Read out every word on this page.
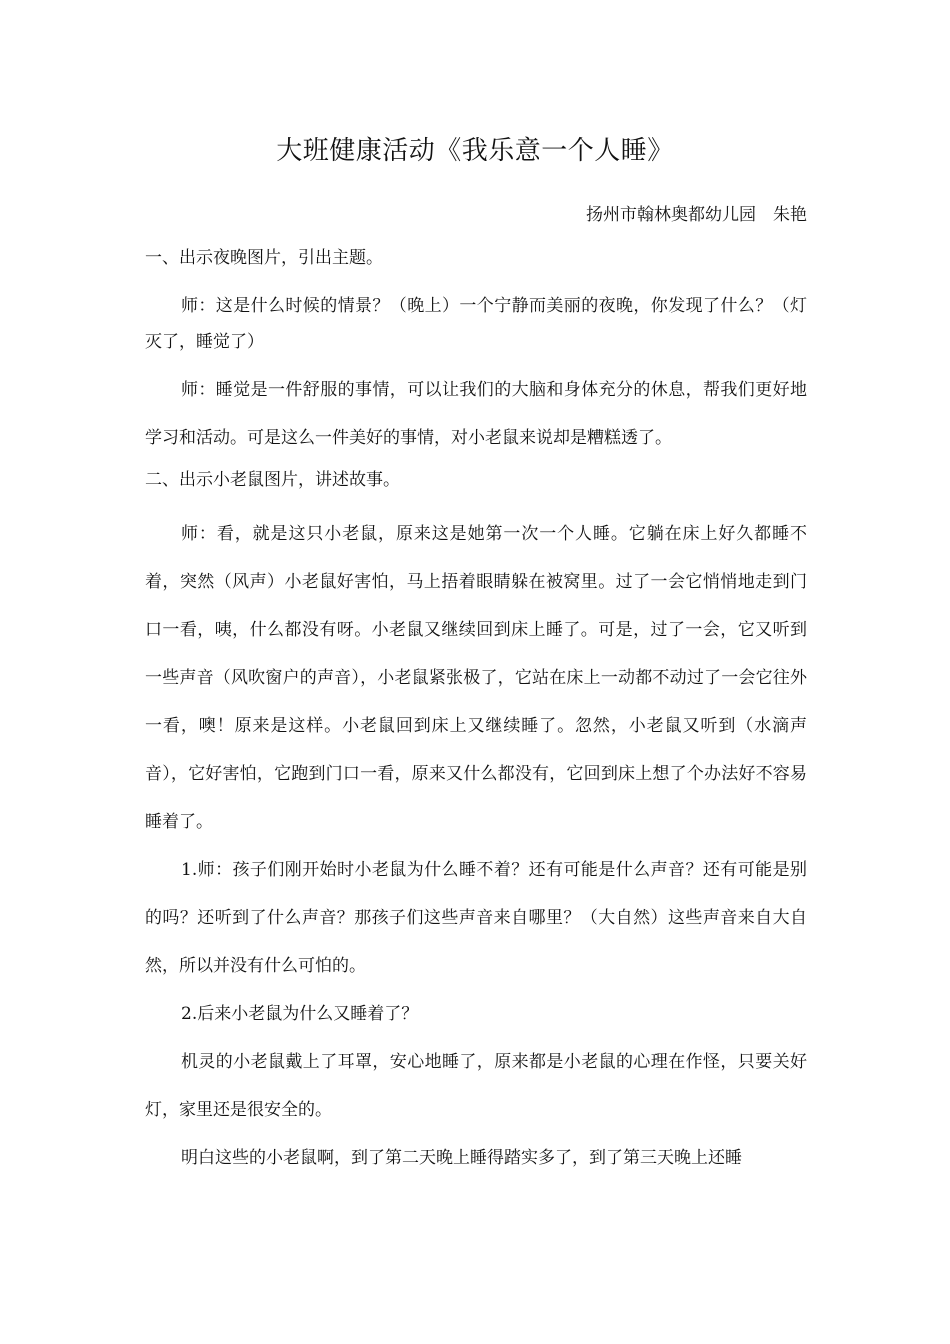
大班健康活动《我乐意一个人睡》
扬州市翰林奥都幼儿园　朱艳

一、出示夜晚图片，引出主题。

师：这是什么时候的情景？（晚上）一个宁静而美丽的夜晚，你发现了什么？（灯灭了，睡觉了）

师：睡觉是一件舒服的事情，可以让我们的大脑和身体充分的休息，帮我们更好地学习和活动。可是这么一件美好的事情，对小老鼠来说却是糟糕透了。

二、出示小老鼠图片，讲述故事。

师：看，就是这只小老鼠，原来这是她第一次一个人睡。它躺在床上好久都睡不着，突然（风声）小老鼠好害怕，马上捂着眼睛躲在被窝里。过了一会它悄悄地走到门口一看，咦，什么都没有呀。小老鼠又继续回到床上睡了。可是，过了一会，它又听到一些声音（风吹窗户的声音），小老鼠紧张极了，它站在床上一动都不动过了一会它往外一看，噢！原来是这样。小老鼠回到床上又继续睡了。忽然，小老鼠又听到（水滴声音），它好害怕，它跑到门口一看，原来又什么都没有，它回到床上想了个办法好不容易睡着了。

1.师：孩子们刚开始时小老鼠为什么睡不着？还有可能是什么声音？还有可能是别的吗？还听到了什么声音？那孩子们这些声音来自哪里？（大自然）这些声音来自大自然，所以并没有什么可怕的。

2.后来小老鼠为什么又睡着了？

机灵的小老鼠戴上了耳罩，安心地睡了，原来都是小老鼠的心理在作怪，只要关好灯，家里还是很安全的。

明白这些的小老鼠啊，到了第二天晚上睡得踏实多了，到了第三天晚上还睡
